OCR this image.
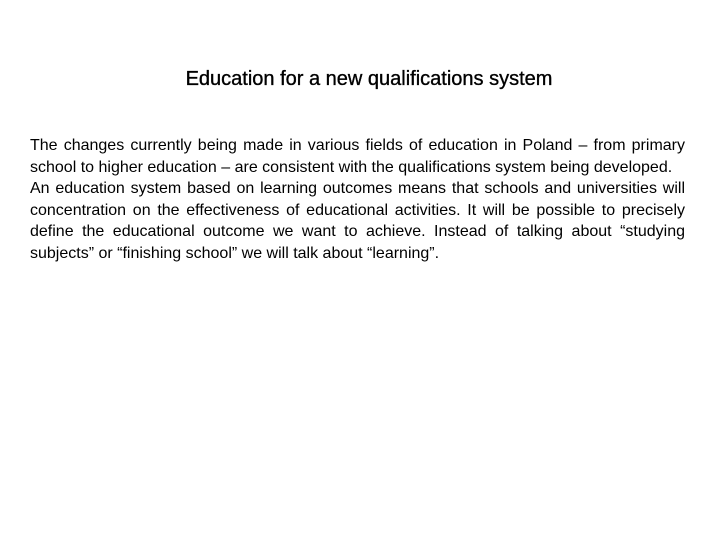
Education for a new qualifications system

The changes currently being made in various fields of education in Poland – from primary school to higher education – are consistent with the qualifications system being developed.

An education system based on learning outcomes means that schools and universities will concentration on the effectiveness of educational activities. It will be possible to precisely define the educational outcome we want to achieve. Instead of talking about “studying subjects” or “finishing school” we will talk about “learning”.
